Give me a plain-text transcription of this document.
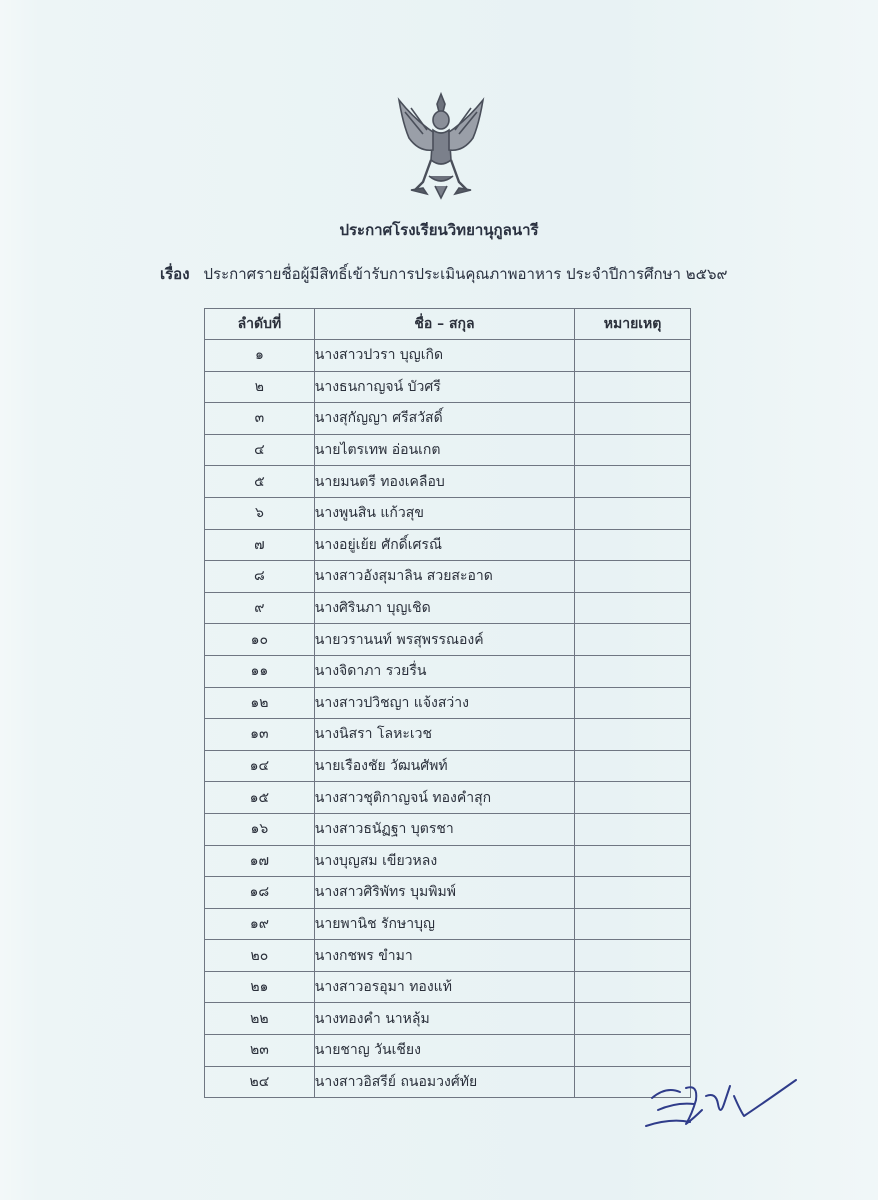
ประกาศโรงเรียนวิทยานุกูลนารี
เรื่อง ประกาศรายชื่อผู้มีสิทธิ์เข้ารับการประเมินคุณภาพอาหาร ประจำปีการศึกษา ๒๕๖๙
ลำดับที่	ชื่อ – สกุล	หมายเหตุ
๑	นางสาวปวรา บุญเกิด	
๒	นางธนกาญจน์ บัวศรี	
๓	นางสุกัญญา ศรีสวัสดิ์	
๔	นายไตรเทพ อ่อนเกต	
๕	นายมนตรี ทองเคลือบ	
๖	นางพูนสิน แก้วสุข	
๗	นางอยู่เย้ย ศักดิ์เศรณี	
๘	นางสาวอังสุมาลิน สวยสะอาด	
๙	นางศิรินภา บุญเชิด	
๑๐	นายวรานนท์ พรสุพรรณองค์	
๑๑	นางจิดาภา รวยรื่น	
๑๒	นางสาวปวิชญา แจ้งสว่าง	
๑๓	นางนิสรา โลหะเวช	
๑๔	นายเรืองชัย วัฒนศัพท์	
๑๕	นางสาวชุติกาญจน์ ทองคำสุก	
๑๖	นางสาวธนัฏฐา บุตรชา	
๑๗	นางบุญสม เขียวหลง	
๑๘	นางสาวศิริพัทร บุมพิมพ์	
๑๙	นายพานิช รักษาบุญ	
๒๐	นางกชพร ขำมา	
๒๑	นางสาวอรอุมา ทองแท้	
๒๒	นางทองคำ นาหลุ้ม	
๒๓	นายชาญ วันเชียง	
๒๔	นางสาวอิสรีย์ ถนอมวงศ์ทัย	
